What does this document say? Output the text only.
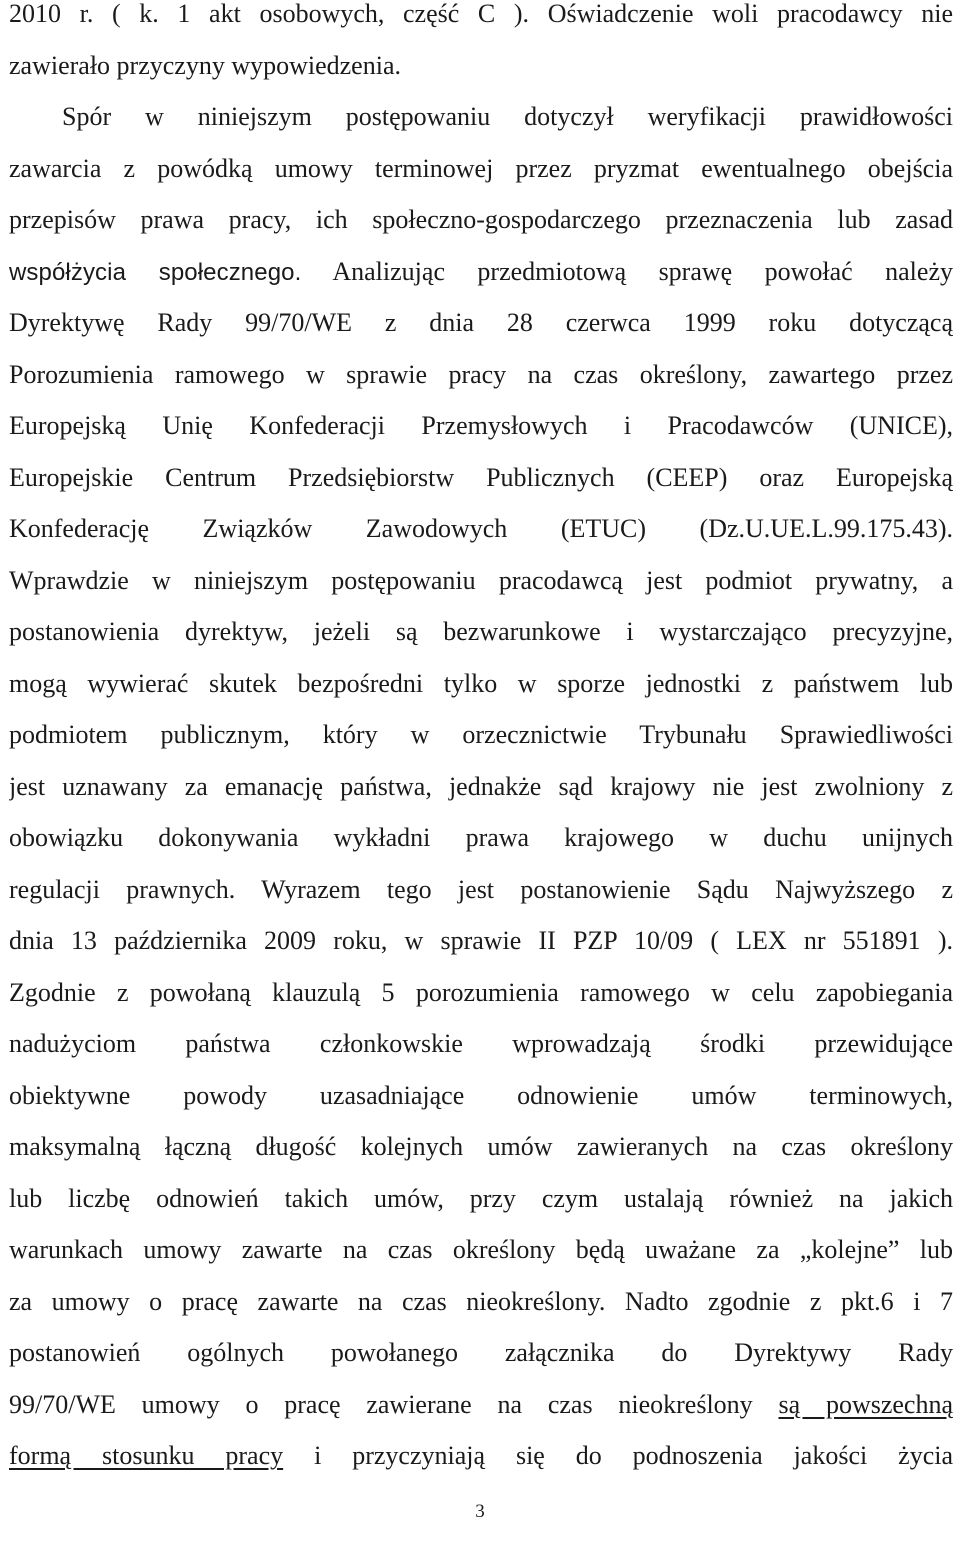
2010 r. ( k. 1 akt osobowych, część C ). Oświadczenie woli pracodawcy nie
zawierało przyczyny wypowiedzenia.
Spór w niniejszym postępowaniu dotyczył weryfikacji prawidłowości
zawarcia z powódką umowy terminowej przez pryzmat ewentualnego obejścia
przepisów prawa pracy, ich społeczno-gospodarczego przeznaczenia lub zasad
współżycia społecznego. Analizując przedmiotową sprawę powołać należy
Dyrektywę Rady 99/70/WE z dnia 28 czerwca 1999 roku dotyczącą
Porozumienia ramowego w sprawie pracy na czas określony, zawartego przez
Europejską Unię Konfederacji Przemysłowych i Pracodawców (UNICE),
Europejskie Centrum Przedsiębiorstw Publicznych (CEEP) oraz Europejską
Konfederację Związków Zawodowych (ETUC) (Dz.U.UE.L.99.175.43).
Wprawdzie w niniejszym postępowaniu pracodawcą jest podmiot prywatny, a
postanowienia dyrektyw, jeżeli są bezwarunkowe i wystarczająco precyzyjne,
mogą wywierać skutek bezpośredni tylko w sporze jednostki z państwem lub
podmiotem publicznym, który w orzecznictwie Trybunału Sprawiedliwości
jest uznawany za emanację państwa, jednakże sąd krajowy nie jest zwolniony z
obowiązku dokonywania wykładni prawa krajowego w duchu unijnych
regulacji prawnych. Wyrazem tego jest postanowienie Sądu Najwyższego z
dnia 13 października 2009 roku, w sprawie II PZP 10/09 ( LEX nr 551891 ).
Zgodnie z powołaną klauzulą 5 porozumienia ramowego w celu zapobiegania
nadużyciom państwa członkowskie wprowadzają środki przewidujące
obiektywne powody uzasadniające odnowienie umów terminowych,
maksymalną łączną długość kolejnych umów zawieranych na czas określony
lub liczbę odnowień takich umów, przy czym ustalają również na jakich
warunkach umowy zawarte na czas określony będą uważane za „kolejne” lub
za umowy o pracę zawarte na czas nieokreślony. Nadto zgodnie z pkt.6 i 7
postanowień ogólnych powołanego załącznika do Dyrektywy Rady
99/70/WE umowy o pracę zawierane na czas nieokreślony są powszechną
formą stosunku pracy i przyczyniają się do podnoszenia jakości życia
3
